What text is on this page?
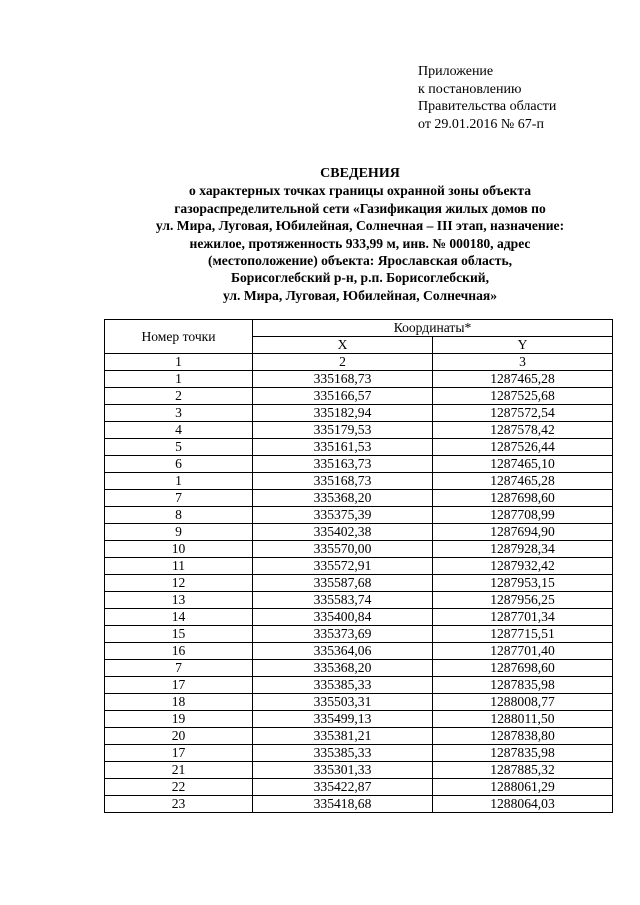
Приложение
к постановлению
Правительства области
от 29.01.2016 № 67-п
СВЕДЕНИЯ
о характерных точках границы охранной зоны объекта
газораспределительной сети «Газификация жилых домов по
ул. Мира, Луговая, Юбилейная, Солнечная – III этап, назначение:
нежилое, протяженность 933,99 м, инв. № 000180, адрес
(местоположение) объекта: Ярославская область,
Борисоглебский р-н, р.п. Борисоглебский,
ул. Мира, Луговая, Юбилейная, Солнечная»
Номер точки	Координаты*	
	X	Y
1	2	3
1	335168,73	1287465,28
2	335166,57	1287525,68
3	335182,94	1287572,54
4	335179,53	1287578,42
5	335161,53	1287526,44
6	335163,73	1287465,10
1	335168,73	1287465,28
7	335368,20	1287698,60
8	335375,39	1287708,99
9	335402,38	1287694,90
10	335570,00	1287928,34
11	335572,91	1287932,42
12	335587,68	1287953,15
13	335583,74	1287956,25
14	335400,84	1287701,34
15	335373,69	1287715,51
16	335364,06	1287701,40
7	335368,20	1287698,60
17	335385,33	1287835,98
18	335503,31	1288008,77
19	335499,13	1288011,50
20	335381,21	1287838,80
17	335385,33	1287835,98
21	335301,33	1287885,32
22	335422,87	1288061,29
23	335418,68	1288064,03
